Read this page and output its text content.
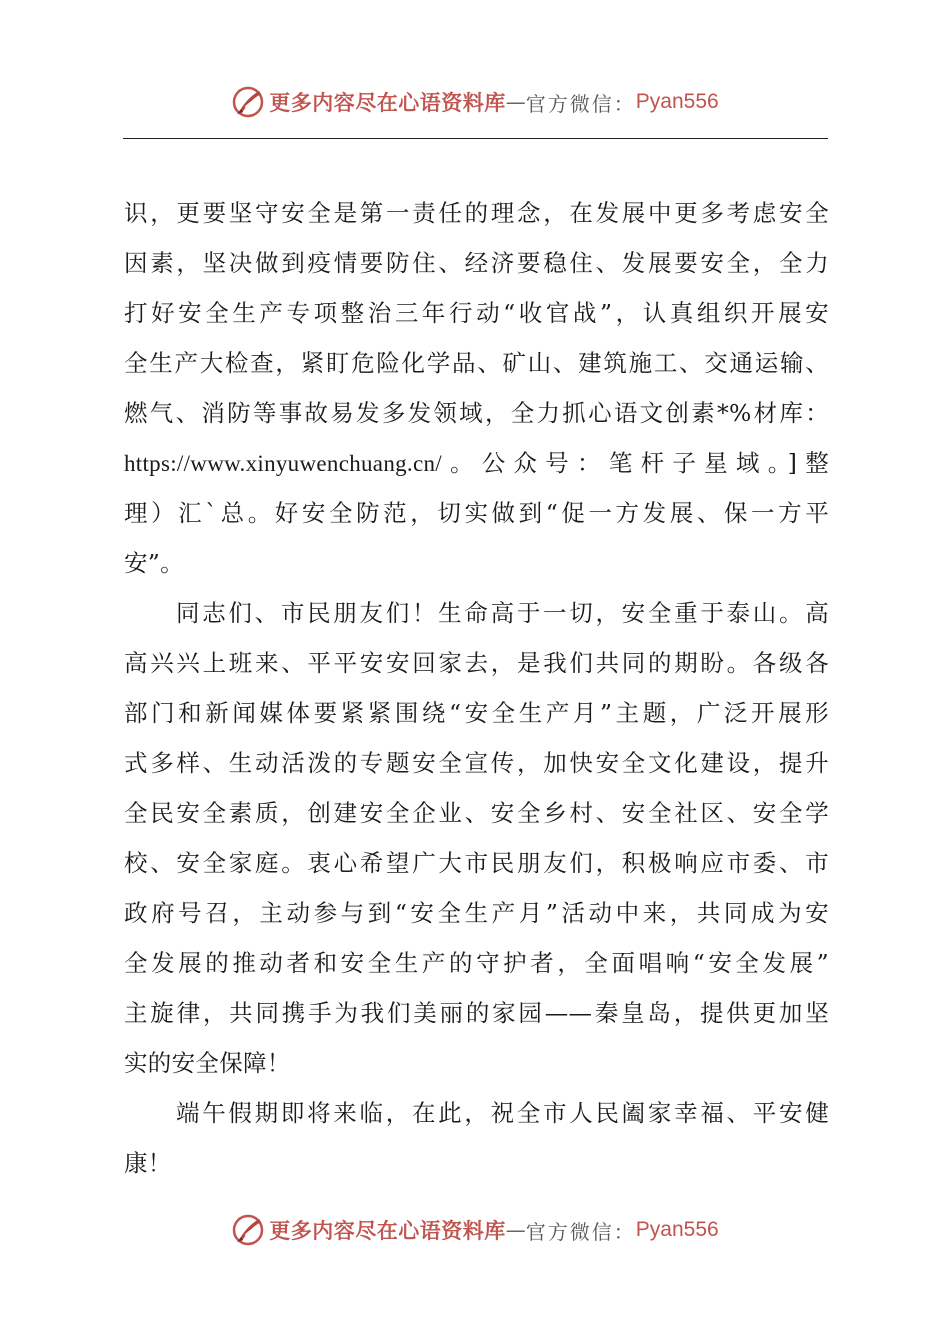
更多内容尽在心语资料库 — 官方微信： Pyan556
识，更要坚守安全是第一责任的理念，在发展中更多考虑安全
因素，坚决做到疫情要防住、经济要稳住、发展要安全，全力
打好安全生产专项整治三年行动“收官战”，认真组织开展安
全生产大检查，紧盯危险化学品、矿山、建筑施工、交通运输、
燃气、消防等事故易发多发领域，全力抓心语文创素*%材库：
https://www.xinyuwenchuang.cn/。公众号：笔杆子星域。]整
理）汇`总。好安全防范，切实做到“促一方发展、保一方平
安”。
同志们、市民朋友们！生命高于一切，安全重于泰山。高
高兴兴上班来、平平安安回家去，是我们共同的期盼。各级各
部门和新闻媒体要紧紧围绕“安全生产月”主题，广泛开展形
式多样、生动活泼的专题安全宣传，加快安全文化建设，提升
全民安全素质，创建安全企业、安全乡村、安全社区、安全学
校、安全家庭。衷心希望广大市民朋友们，积极响应市委、市
政府号召，主动参与到“安全生产月”活动中来，共同成为安
全发展的推动者和安全生产的守护者，全面唱响“安全发展”
主旋律，共同携手为我们美丽的家园——秦皇岛，提供更加坚
实的安全保障！
端午假期即将来临，在此，祝全市人民阖家幸福、平安健
康！
更多内容尽在心语资料库 — 官方微信： Pyan556
